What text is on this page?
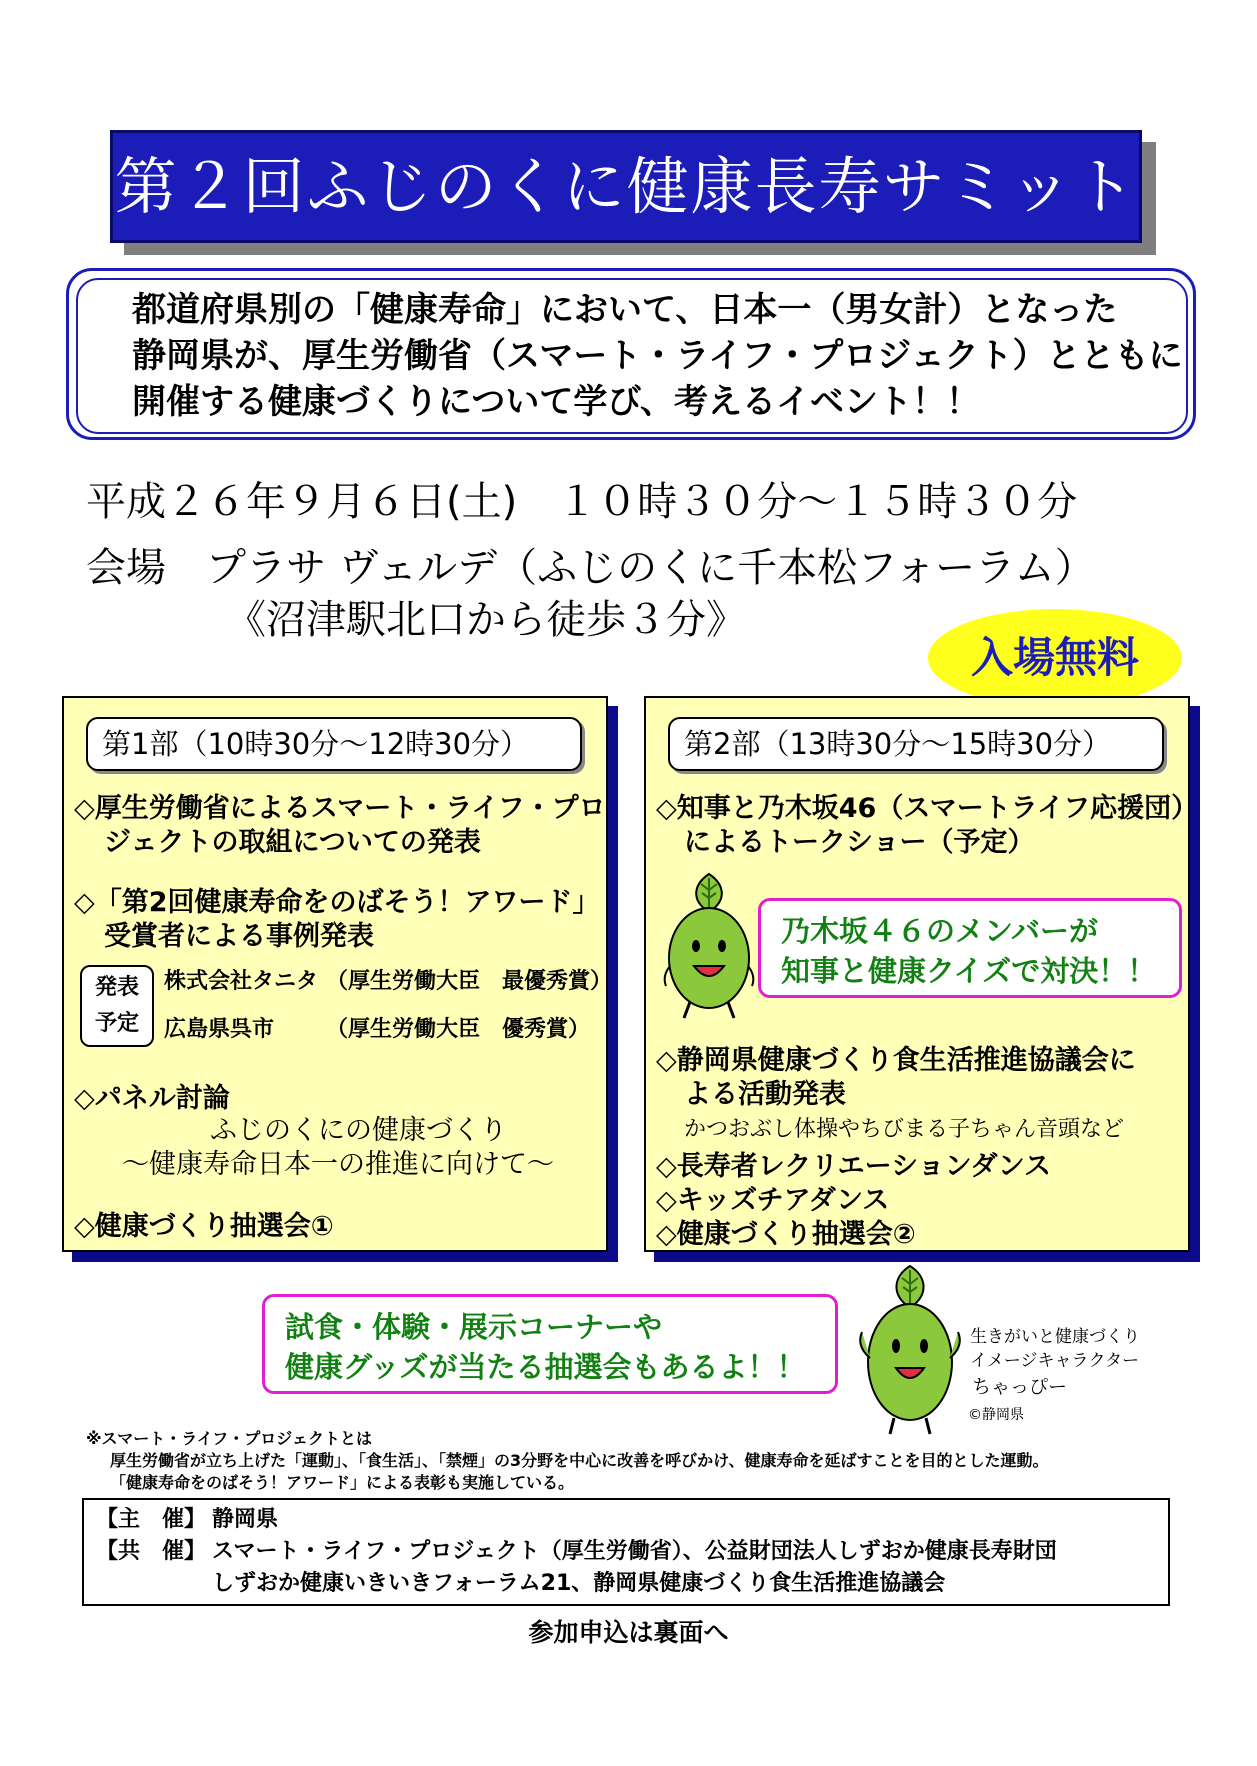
第２回ふじのくに健康長寿サミット
都道府県別の「健康寿命」において、日本一（男女計）となった
静岡県が、厚生労働省（スマート・ライフ・プロジェクト）とともに
開催する健康づくりについて学び、考えるイベント！！
平成２６年９月６日(土)　１０時３０分～１５時３０分
会場　プラサ ヴェルデ（ふじのくに千本松フォーラム）
《沼津駅北口から徒歩３分》
入場無料
第1部（10時30分～12時30分）
◇厚生労働省によるスマート・ライフ・プロ
ジェクトの取組についての発表
◇「第2回健康寿命をのばそう！アワード」
受賞者による事例発表
発表
予定
株式会社タニタ （厚生労働大臣　最優秀賞）
広島県呉市 （厚生労働大臣　優秀賞）
◇パネル討論
ふじのくにの健康づくり
～健康寿命日本一の推進に向けて～
◇健康づくり抽選会①
第2部（13時30分～15時30分）
◇知事と乃木坂46（スマートライフ応援団）
によるトークショー（予定）
乃木坂４６のメンバーが
知事と健康クイズで対決！！
◇静岡県健康づくり食生活推進協議会に
よる活動発表
かつおぶし体操やちびまる子ちゃん音頭など
◇長寿者レクリエーションダンス
◇キッズチアダンス
◇健康づくり抽選会②
試食・体験・展示コーナーや
健康グッズが当たる抽選会もあるよ！！
生きがいと健康づくり
イメージキャラクター
ちゃっぴー
©静岡県
※スマート・ライフ・プロジェクトとは
厚生労働省が立ち上げた「運動」、「食生活」、「禁煙」の3分野を中心に改善を呼びかけ、健康寿命を延ばすことを目的とした運動。
「健康寿命をのばそう！アワード」による表彰も実施している。
【主　催】 静岡県
【共　催】 スマート・ライフ・プロジェクト（厚生労働省）、公益財団法人しずおか健康長寿財団
しずおか健康いきいきフォーラム21、静岡県健康づくり食生活推進協議会
参加申込は裏面へ
